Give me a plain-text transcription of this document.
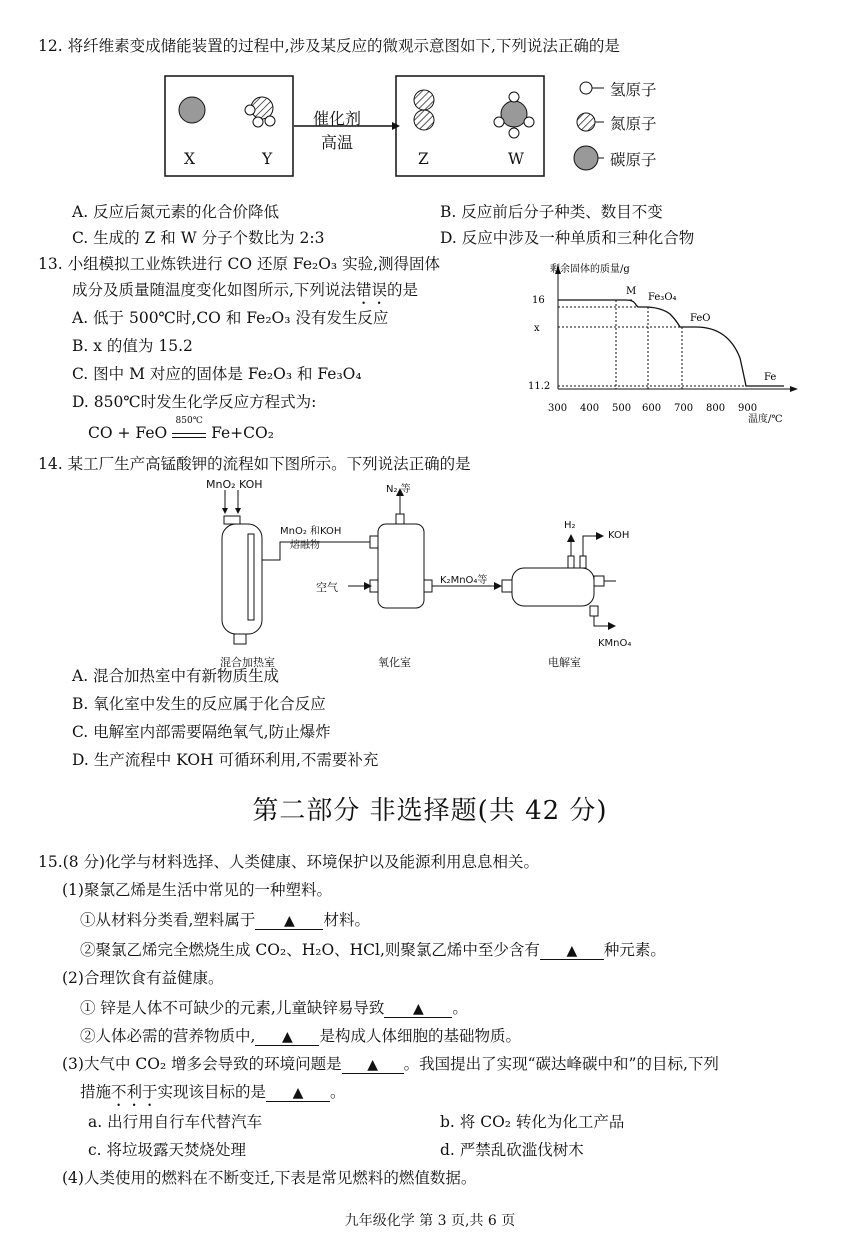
12. 将纤维素变成储能装置的过程中,涉及某反应的微观示意图如下,下列说法正确的是
X	Y	Z	W
催化剂
高温
氢原子
氮原子
碳原子
A. 反应后氮元素的化合价降低	B. 反应前后分子种类、数目不变
C. 生成的 Z 和 W 分子个数比为 2:3	D. 反应中涉及一种单质和三种化合物
13. 小组模拟工业炼铁进行 CO 还原 Fe₂O₃ 实验,测得固体
成分及质量随温度变化如图所示,下列说法错误的是
A. 低于 500℃时,CO 和 Fe₂O₃ 没有发生反应
B. x 的值为 15.2
C. 图中 M 对应的固体是 Fe₂O₃ 和 Fe₃O₄
D. 850℃时发生化学反应方程式为:
CO + FeO
850℃
Fe+CO₂
剩余固体的质量/g
温度/℃
16
x
11.2
300 400 500 600 700 800 900
M
Fe₃O₄
FeO
Fe
14. 某工厂生产高锰酸钾的流程如下图所示。下列说法正确的是
MnO₂ KOH
MnO₂ 和KOH
熔融物
N₂ 等
空气
K₂MnO₄等
H₂
KOH
KMnO₄
混合加热室	氧化室	电解室
A. 混合加热室中有新物质生成
B. 氧化室中发生的反应属于化合反应
C. 电解室内部需要隔绝氧气,防止爆炸
D. 生产流程中 KOH 可循环利用,不需要补充
第二部分 非选择题(共 42 分)
15.(8 分)化学与材料选择、人类健康、环境保护以及能源利用息息相关。
(1)聚氯乙烯是生活中常见的一种塑料。
①从材料分类看,塑料属于 ▲ 材料。
②聚氯乙烯完全燃烧生成 CO₂、H₂O、HCl,则聚氯乙烯中至少含有 ▲ 种元素。
(2)合理饮食有益健康。
① 锌是人体不可缺少的元素,儿童缺锌易导致 ▲ 。
②人体必需的营养物质中, ▲ 是构成人体细胞的基础物质。
(3)大气中 CO₂ 增多会导致的环境问题是 ▲ 。我国提出了实现“碳达峰碳中和”的目标,下列
措施不利于实现该目标的是 ▲ 。
a. 出行用自行车代替汽车	b. 将 CO₂ 转化为化工产品
c. 将垃圾露天焚烧处理	d. 严禁乱砍滥伐树木
(4)人类使用的燃料在不断变迁,下表是常见燃料的燃值数据。
九年级化学 第 3 页,共 6 页
